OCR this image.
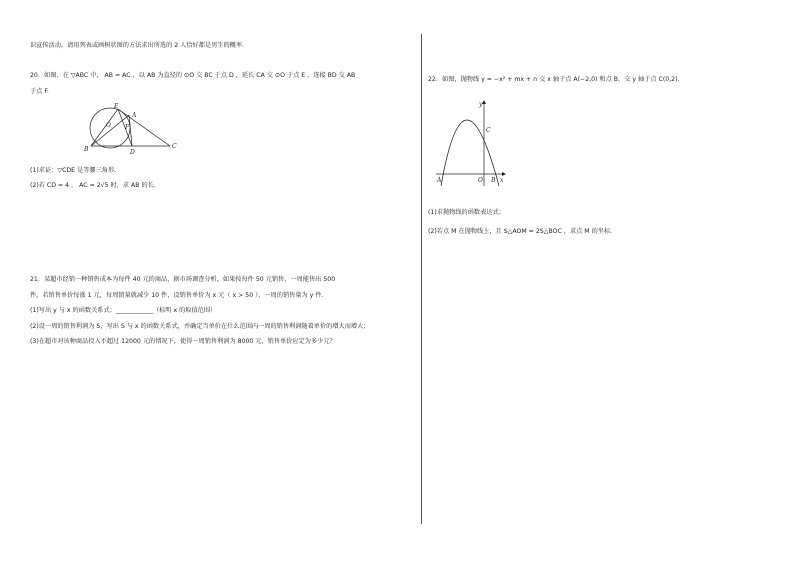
识宣传活动，请用列表或画树状图的方法求出所选的 2 人恰好都是男生的概率.
20．如图，在 ▽ABC 中， AB = AC ，以 AB 为直径的 ⊙O 交 BC 于点 D ，延长 CA 交 ⊙O 于点 E ，连接 BD 交 AB
于点 F.
E
A
O F
B	D
C
(1)求证：▽CDE 是等腰三角形.
(2)若 CD = 4 ， AC = 2√5 时，求 AB 的长.
21．某超市经销一种销售成本为每件 40 元的商品，据市场调查分析，如果按每件 50 元销售，一周能售出 500
件，若销售单价每涨 1 元，每周销量就减少 10 件，设销售单价为 x 元（ x > 50 ），一周的销售量为 y 件.
(1)写出 y 与 x 的函数关系式：____________（标明 x 的取值范围）
(2)设一周的销售利润为 S，写出 S 与 x 的函数关系式，并确定当单价在什么范围内一周的销售利润随着单价的增大而增大；
(3)在超市对该种商品投入不超过 12000 元的情况下，使得一周销售利润为 8000 元，销售单价应定为多少元？
22．如图，抛物线 y = −x² + mx + n 交 x 轴于点 A(−2,0) 和点 B，交 y 轴于点 C(0,2).
y
C
A	O B x
(1)求抛物线的函数表达式；
(2)若点 M 在抛物线上，且 S△AOM = 2S△BOC ，求点 M 的坐标.
